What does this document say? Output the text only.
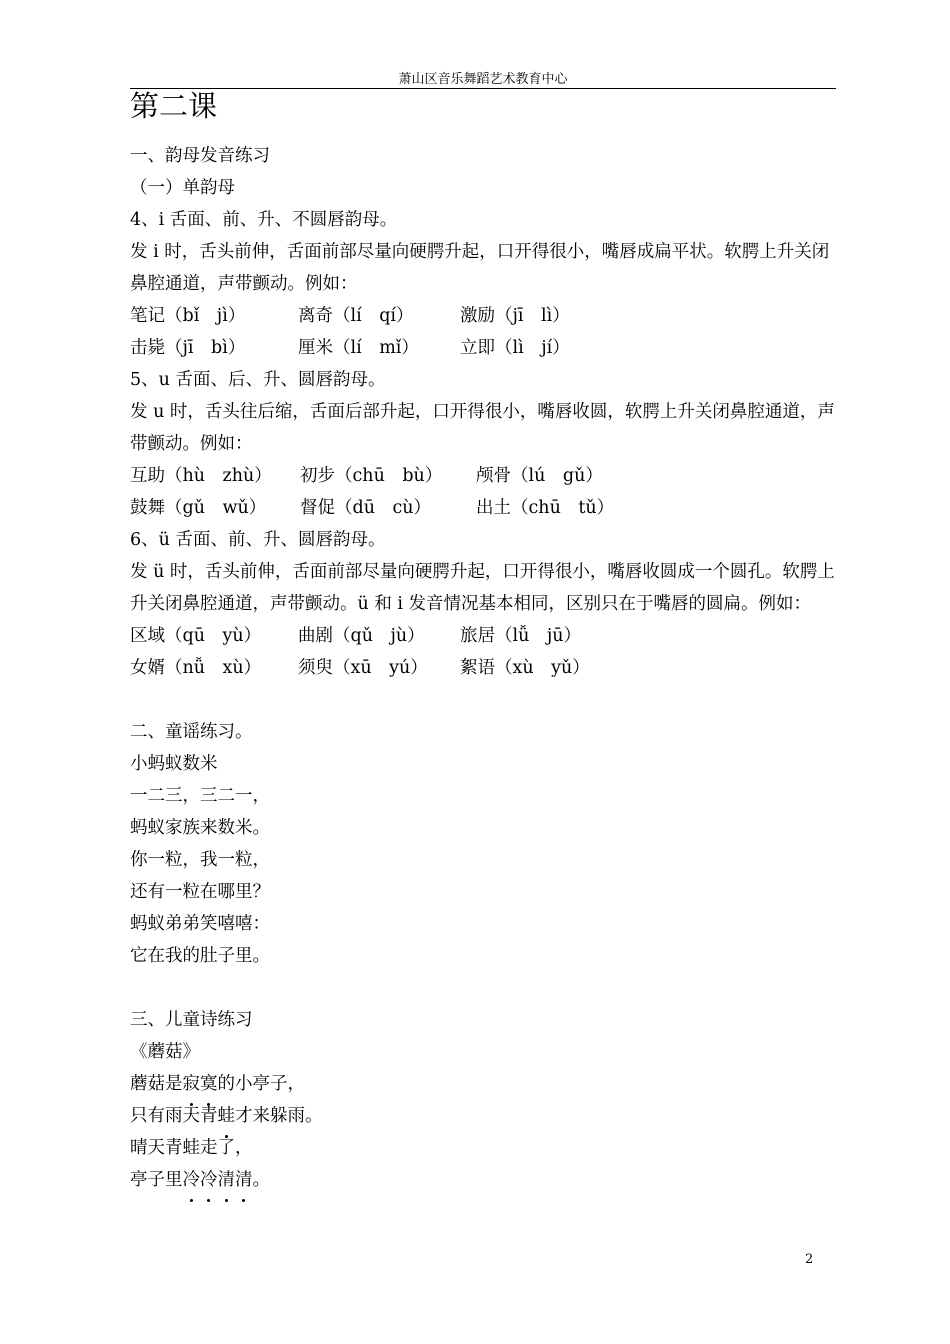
萧山区音乐舞蹈艺术教育中心
第二课
一、韵母发音练习
（一）单韵母
4、i 舌面、前、升、不圆唇韵母。
发 i 时，舌头前伸，舌面前部尽量向硬腭升起，口开得很小，嘴唇成扁平状。软腭上升关闭鼻腔通道，声带颤动。例如：
笔记（bǐ　jì）	离奇（lí　qí）	激励（jī　lì）
击毙（jī　bì）	厘米（lí　mǐ） 立即（lì　jí）
5、u 舌面、后、升、圆唇韵母。
发 u 时，舌头往后缩，舌面后部升起，口开得很小，嘴唇收圆，软腭上升关闭鼻腔通道，声带颤动。例如：
互助（hù　zhù） 初步（chū　bù） 颅骨（lú　gǔ）
鼓舞（gǔ　wǔ） 督促（dū　cù）	出土（chū　tǔ）
6、ü 舌面、前、升、圆唇韵母。
发 ü 时，舌头前伸，舌面前部尽量向硬腭升起，口开得很小，嘴唇收圆成一个圆孔。软腭上升关闭鼻腔通道，声带颤动。ü 和 i 发音情况基本相同，区别只在于嘴唇的圆扁。例如：
区域（qū　yù） 曲剧（qǔ　jù） 旅居（lǚ　jū）
女婿（nǚ　xù） 须臾（xū　yú） 絮语（xù　yǔ）
二、童谣练习。
小蚂蚁数米
一二三，三二一，
蚂蚁家族来数米。
你一粒，我一粒，
还有一粒在哪里？
蚂蚁弟弟笑嘻嘻：
它在我的肚子里。
三、儿童诗练习
《蘑菇》
蘑菇是寂寞的小亭子，
只有雨天青蛙才来躲雨。
晴天青蛙走了，
亭子里冷冷清清。
2
